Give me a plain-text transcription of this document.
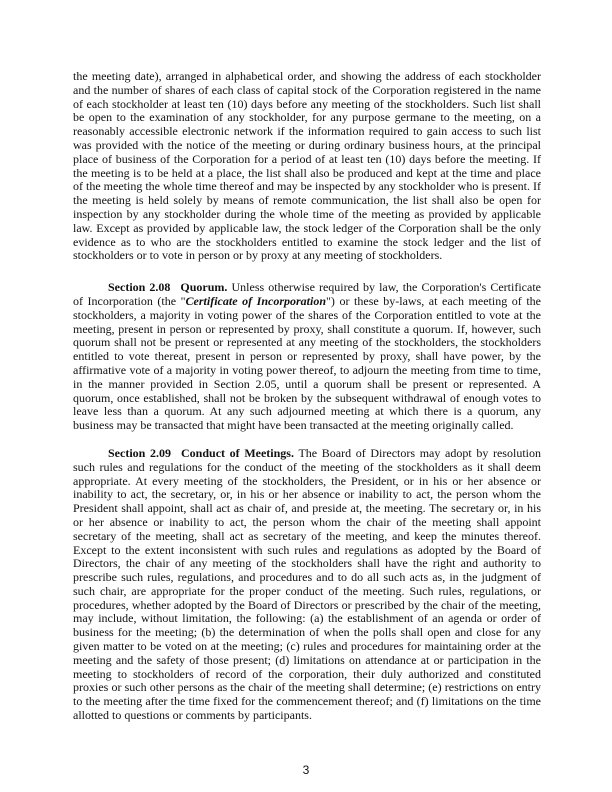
the meeting date), arranged in alphabetical order, and showing the address of each stockholder
and the number of shares of each class of capital stock of the Corporation registered in the name
of each stockholder at least ten (10) days before any meeting of the stockholders. Such list shall
be open to the examination of any stockholder, for any purpose germane to the meeting, on a
reasonably accessible electronic network if the information required to gain access to such list
was provided with the notice of the meeting or during ordinary business hours, at the principal
place of business of the Corporation for a period of at least ten (10) days before the meeting. If
the meeting is to be held at a place, the list shall also be produced and kept at the time and place
of the meeting the whole time thereof and may be inspected by any stockholder who is present. If
the meeting is held solely by means of remote communication, the list shall also be open for
inspection by any stockholder during the whole time of the meeting as provided by applicable
law. Except as provided by applicable law, the stock ledger of the Corporation shall be the only
evidence as to who are the stockholders entitled to examine the stock ledger and the list of
stockholders or to vote in person or by proxy at any meeting of stockholders.
Section 2.08 Quorum. Unless otherwise required by law, the Corporation's Certificate
of Incorporation (the "Certificate of Incorporation") or these by-laws, at each meeting of the
stockholders, a majority in voting power of the shares of the Corporation entitled to vote at the
meeting, present in person or represented by proxy, shall constitute a quorum. If, however, such
quorum shall not be present or represented at any meeting of the stockholders, the stockholders
entitled to vote thereat, present in person or represented by proxy, shall have power, by the
affirmative vote of a majority in voting power thereof, to adjourn the meeting from time to time,
in the manner provided in Section 2.05, until a quorum shall be present or represented. A
quorum, once established, shall not be broken by the subsequent withdrawal of enough votes to
leave less than a quorum. At any such adjourned meeting at which there is a quorum, any
business may be transacted that might have been transacted at the meeting originally called.
Section 2.09 Conduct of Meetings. The Board of Directors may adopt by resolution
such rules and regulations for the conduct of the meeting of the stockholders as it shall deem
appropriate. At every meeting of the stockholders, the President, or in his or her absence or
inability to act, the secretary, or, in his or her absence or inability to act, the person whom the
President shall appoint, shall act as chair of, and preside at, the meeting. The secretary or, in his
or her absence or inability to act, the person whom the chair of the meeting shall appoint
secretary of the meeting, shall act as secretary of the meeting, and keep the minutes thereof.
Except to the extent inconsistent with such rules and regulations as adopted by the Board of
Directors, the chair of any meeting of the stockholders shall have the right and authority to
prescribe such rules, regulations, and procedures and to do all such acts as, in the judgment of
such chair, are appropriate for the proper conduct of the meeting. Such rules, regulations, or
procedures, whether adopted by the Board of Directors or prescribed by the chair of the meeting,
may include, without limitation, the following: (a) the establishment of an agenda or order of
business for the meeting; (b) the determination of when the polls shall open and close for any
given matter to be voted on at the meeting; (c) rules and procedures for maintaining order at the
meeting and the safety of those present; (d) limitations on attendance at or participation in the
meeting to stockholders of record of the corporation, their duly authorized and constituted
proxies or such other persons as the chair of the meeting shall determine; (e) restrictions on entry
to the meeting after the time fixed for the commencement thereof; and (f) limitations on the time
allotted to questions or comments by participants.
3
